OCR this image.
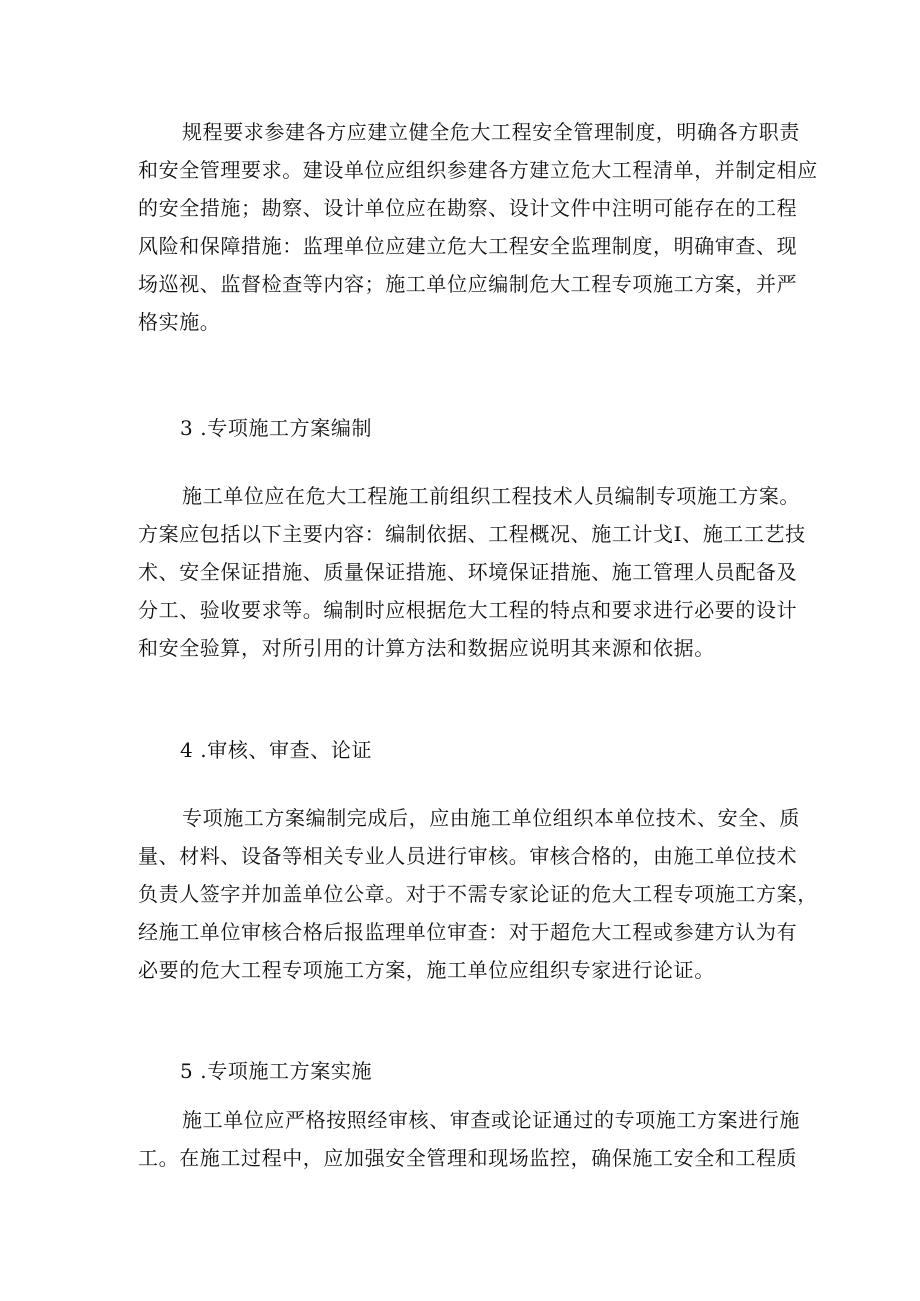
规程要求参建各方应建立健全危大工程安全管理制度，明确各方职责
和安全管理要求。建设单位应组织参建各方建立危大工程清单，并制定相应
的安全措施；勘察、设计单位应在勘察、设计文件中注明可能存在的工程
风险和保障措施：监理单位应建立危大工程安全监理制度，明确审查、现
场巡视、监督检查等内容；施工单位应编制危大工程专项施工方案，并严
格实施。
3 .专项施工方案编制
施工单位应在危大工程施工前组织工程技术人员编制专项施工方案。
方案应包括以下主要内容：编制依据、工程概况、施工计戈I、施工工艺技
术、安全保证措施、质量保证措施、环境保证措施、施工管理人员配备及
分工、验收要求等。编制时应根据危大工程的特点和要求进行必要的设计
和安全验算，对所引用的计算方法和数据应说明其来源和依据。
4 .审核、审查、论证
专项施工方案编制完成后，应由施工单位组织本单位技术、安全、质
量、材料、设备等相关专业人员进行审核。审核合格的，由施工单位技术
负责人签字并加盖单位公章。对于不需专家论证的危大工程专项施工方案，
经施工单位审核合格后报监理单位审查：对于超危大工程或参建方认为有
必要的危大工程专项施工方案，施工单位应组织专家进行论证。
5 .专项施工方案实施
施工单位应严格按照经审核、审查或论证通过的专项施工方案进行施
工。在施工过程中，应加强安全管理和现场监控，确保施工安全和工程质
